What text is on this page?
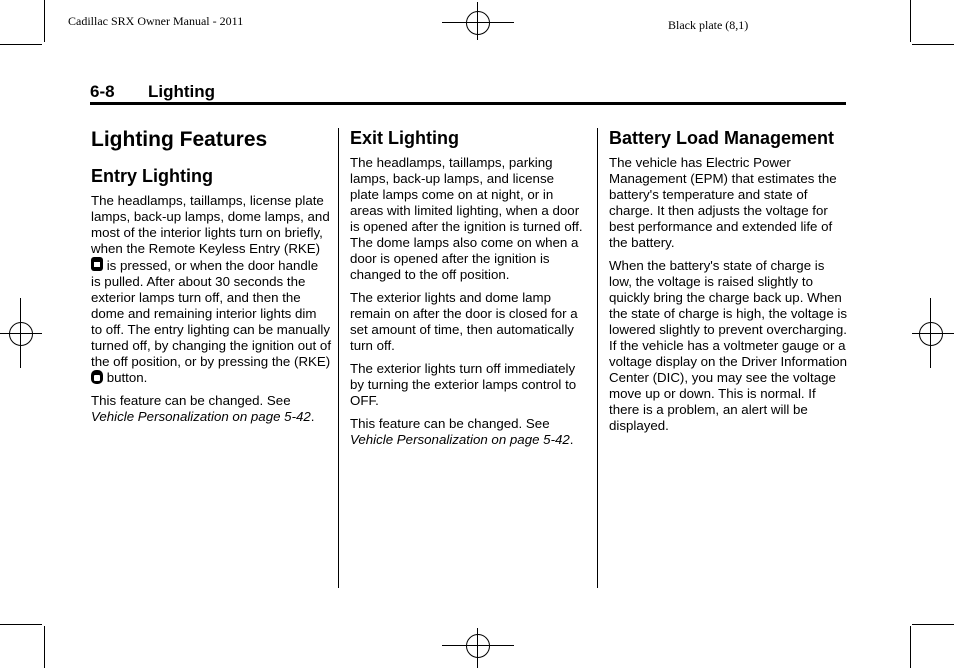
Cadillac SRX Owner Manual - 2011	Black plate (8,1)
6-8 Lighting
Lighting Features
Entry Lighting

The headlamps, taillamps, license plate lamps, back-up lamps, dome lamps, and most of the interior lights turn on briefly, when the Remote Keyless Entry (RKE)  is pressed, or when the door handle is pulled. After about 30 seconds the exterior lamps turn off, and then the dome and remaining interior lights dim to off. The entry lighting can be manually turned off, by changing the ignition out of the off position, or by pressing the (RKE)  button.

This feature can be changed. See Vehicle Personalization on page 5‑42.

Exit Lighting

The headlamps, taillamps, parking lamps, back-up lamps, and license plate lamps come on at night, or in areas with limited lighting, when a door is opened after the ignition is turned off. The dome lamps also come on when a door is opened after the ignition is changed to the off position.

The exterior lights and dome lamp remain on after the door is closed for a set amount of time, then automatically turn off.

The exterior lights turn off immediately by turning the exterior lamps control to OFF.

This feature can be changed. See Vehicle Personalization on page 5‑42.

Battery Load Management

The vehicle has Electric Power Management (EPM) that estimates the battery's temperature and state of charge. It then adjusts the voltage for best performance and extended life of the battery.

When the battery's state of charge is low, the voltage is raised slightly to quickly bring the charge back up. When the state of charge is high, the voltage is lowered slightly to prevent overcharging. If the vehicle has a voltmeter gauge or a voltage display on the Driver Information Center (DIC), you may see the voltage move up or down. This is normal. If there is a problem, an alert will be displayed.
